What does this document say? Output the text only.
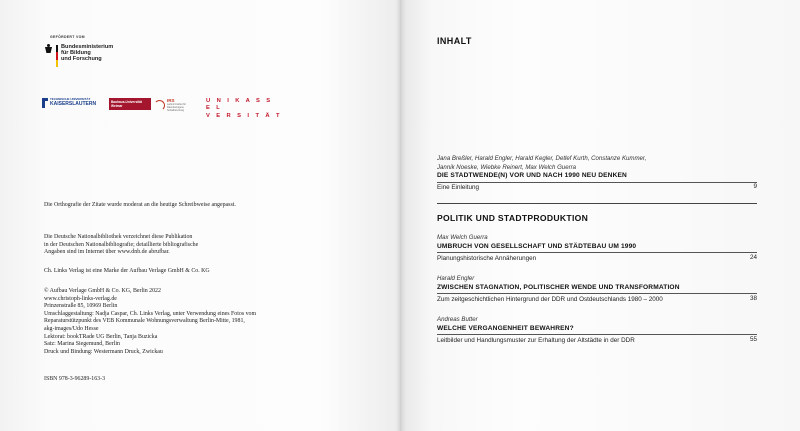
GEFÖRDERT VOM
Bundesministerium
für Bildung
und Forschung
TECHNISCHE UNIVERSITÄT
KAISERSLAUTERN	Bauhaus-Universität
Weimar
IRS
Leibniz-Institut für Raumbezogene Sozialforschung
U N I K A S S E L
V E R S I T Ä T

Die Orthografie der Zitate wurde moderat an die heutige Schreibweise angepasst.

Die Deutsche Nationalbibliothek verzeichnet diese Publikation

in der Deutschen Nationalbibliografie; detaillierte bibliografische

Angaben sind im Internet über www.dnb.de abrufbar.

Ch. Links Verlag ist eine Marke der Aufbau Verlage GmbH & Co. KG

© Aufbau Verlage GmbH & Co. KG, Berlin 2022

www.christoph-links-verlag.de

Prinzenstraße 85, 10969 Berlin

Umschlaggestaltung: Nadja Caspar, Ch. Links Verlag, unter Verwendung eines Fotos vom

Reparaturstützpunkt des VEB Kommunale Wohnungsverwaltung Berlin-Mitte, 1981,

akg-images/Udo Hesse

Lektorat: bookTRade UG Berlin, Tanja Buzicka

Satz: Marina Siegemund, Berlin

Druck und Bindung: Westermann Druck, Zwickau

ISBN 978-3-96289-163-3

INHALT
Jana Breßler, Harald Engler, Harald Kegler, Detlef Kurth, Constanze Kummer,
Jannik Noeske, Wiebke Reinert, Max Welch Guerra
DIE STADTWENDE(N) VOR UND NACH 1990 NEU DENKEN
Eine Einleitung	9
POLITIK UND STADTPRODUKTION
Max Welch Guerra
UMBRUCH VON GESELLSCHAFT UND STÄDTEBAU UM 1990
Planungshistorische Annäherungen	24
Harald Engler
ZWISCHEN STAGNATION, POLITISCHER WENDE UND TRANSFORMATION
Zum zeitgeschichtlichen Hintergrund der DDR und Ostdeutschlands 1980 – 2000	38
Andreas Butter
WELCHE VERGANGENHEIT BEWAHREN?
Leitbilder und Handlungsmuster zur Erhaltung der Altstädte in der DDR	55
